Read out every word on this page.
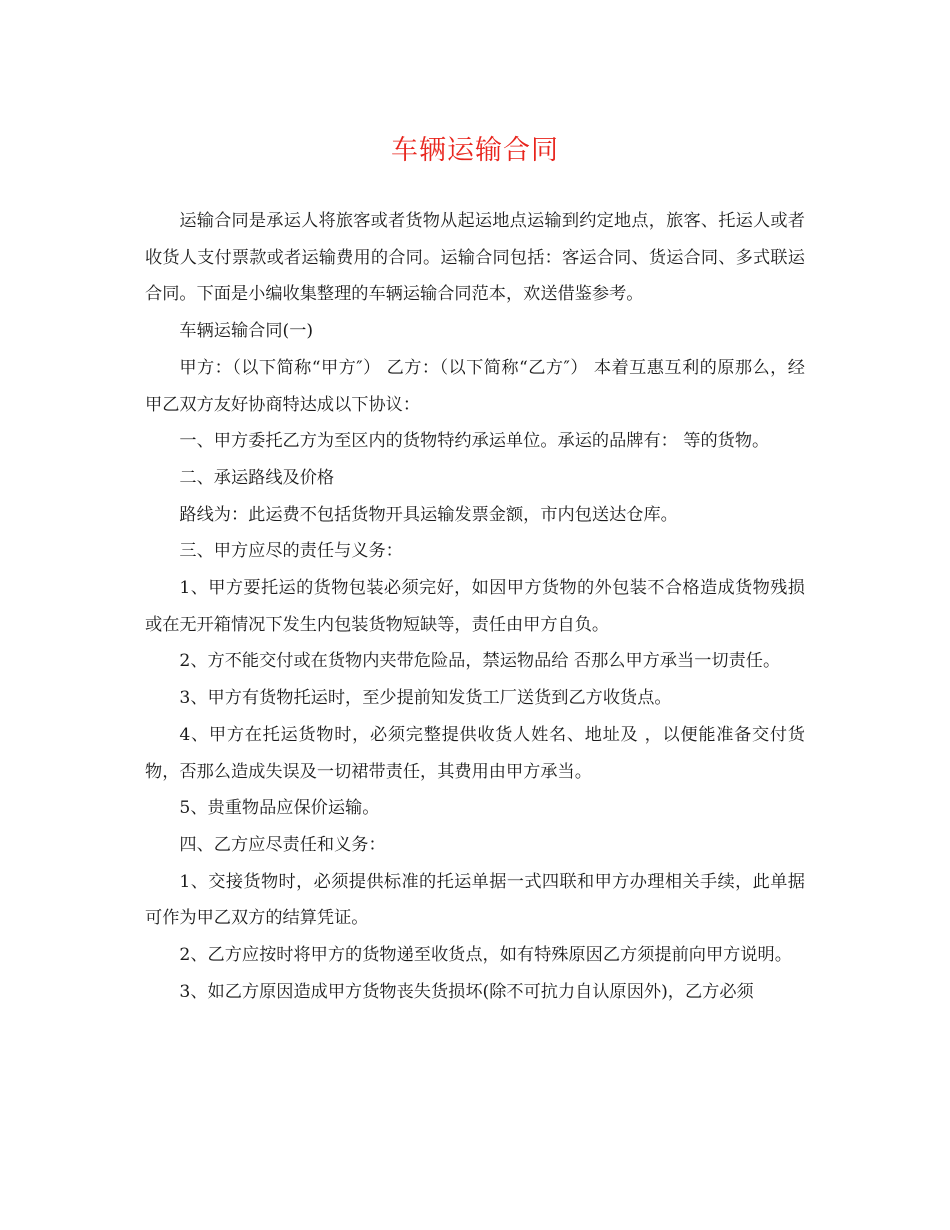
车辆运输合同

运输合同是承运人将旅客或者货物从起运地点运输到约定地点，旅客、托运人或者收货人支付票款或者运输费用的合同。运输合同包括：客运合同、货运合同、多式联运合同。下面是小编收集整理的车辆运输合同范本，欢送借鉴参考。

车辆运输合同(一)

甲方：（以下简称“甲方″） 乙方：（以下简称“乙方″） 本着互惠互利的原那么，经甲乙双方友好协商特达成以下协议：

一、甲方委托乙方为至区内的货物特约承运单位。承运的品牌有： 等的货物。

二、承运路线及价格

路线为：此运费不包括货物开具运输发票金额，市内包送达仓库。

三、甲方应尽的责任与义务：

1、甲方要托运的货物包装必须完好，如因甲方货物的外包装不合格造成货物残损或在无开箱情况下发生内包装货物短缺等，责任由甲方自负。

2、方不能交付或在货物内夹带危险品，禁运物品给 否那么甲方承当一切责任。

3、甲方有货物托运时，至少提前知发货工厂送货到乙方收货点。

4、甲方在托运货物时，必须完整提供收货人姓名、地址及 ，以便能准备交付货物，否那么造成失误及一切裙带责任，其费用由甲方承当。

5、贵重物品应保价运输。

四、乙方应尽责任和义务：

1、交接货物时，必须提供标准的托运单据一式四联和甲方办理相关手续，此单据可作为甲乙双方的结算凭证。

2、乙方应按时将甲方的货物递至收货点，如有特殊原因乙方须提前向甲方说明。

3、如乙方原因造成甲方货物丧失货损坏(除不可抗力自认原因外)，乙方必须
